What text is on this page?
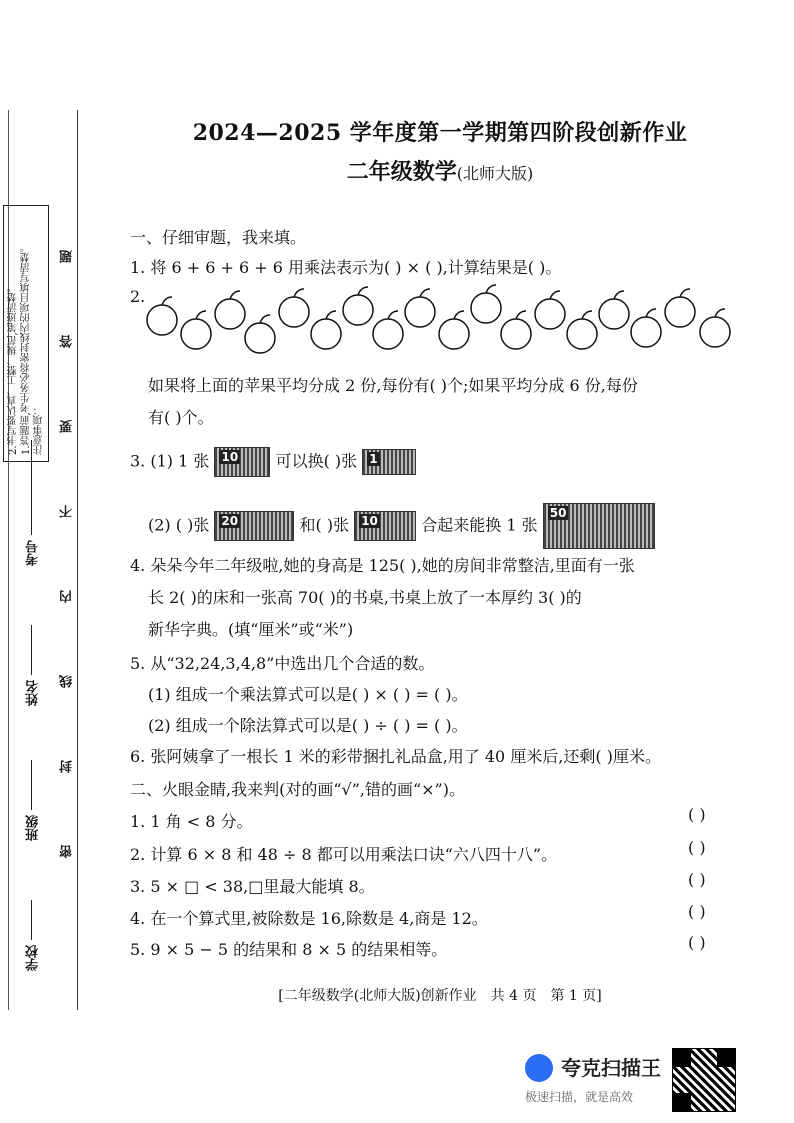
注意事项：
1.答题前,考生务必将密封线内的项目填写清楚。
2.书写要认真、工整、规范,笔迹清楚。
学校
班级
姓名
考号
密
封
线
内
不
要
答
题
2024—2025 学年度第一学期第四阶段创新作业
二年级数学(北师大版)
一、仔细审题，我来填。
1. 将 6 + 6 + 6 + 6 用乘法表示为( ) × ( ),计算结果是( )。
2.
如果将上面的苹果平均分成 2 份,每份有( )个;如果平均分成 6 份,每份
有( )个。
3. (1) 1 张 10 可以换( )张 1
(2) ( )张 20	和( )张 10	合起来能换 1 张
50
4. 朵朵今年二年级啦,她的身高是 125( ),她的房间非常整洁,里面有一张
长 2( )的床和一张高 70( )的书桌,书桌上放了一本厚约 3( )的
新华字典。(填“厘米”或“米”)
5. 从“32,24,3,4,8”中选出几个合适的数。
(1) 组成一个乘法算式可以是( ) × ( ) = ( )。
(2) 组成一个除法算式可以是( ) ÷ ( ) = ( )。
6. 张阿姨拿了一根长 1 米的彩带捆扎礼品盒,用了 40 厘米后,还剩( )厘米。
二、火眼金睛,我来判(对的画“√”,错的画“×”)。
1. 1 角 < 8 分。
2. 计算 6 × 8 和 48 ÷ 8 都可以用乘法口诀“六八四十八”。
3. 5 × □ < 38,□里最大能填 8。
4. 在一个算式里,被除数是 16,除数是 4,商是 12。
5. 9 × 5 − 5 的结果和 8 × 5 的结果相等。
( )
( )
( )
( )
( )
[二年级数学(北师大版)创新作业　共 4 页　第 1 页]
夸克扫描王
极速扫描，就是高效
